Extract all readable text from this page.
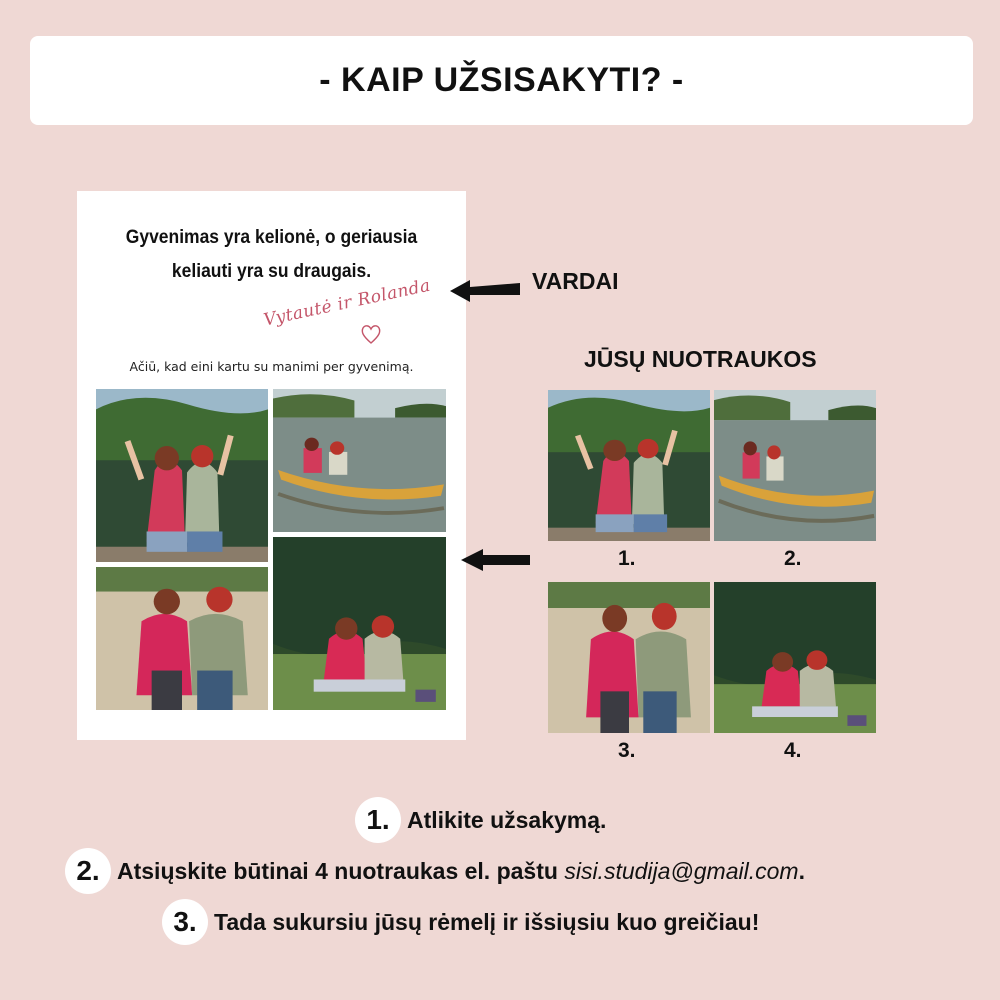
- KAIP UŽSISAKYTI? -
Gyvenimas yra kelionė, o geriausia
keliauti yra su draugais.
Vytautė ir Rolanda
Ačiū, kad eini kartu su manimi per gyvenimą.
VARDAI
JŪSŲ NUOTRAUKOS
1.	2.
3.	4.
1. Atlikite užsakymą.
2. Atsiųskite būtinai 4 nuotraukas el. paštu
sisi.studija@gmail.com .
3. Tada sukursiu jūsų rėmelį ir išsiųsiu kuo greičiau!
